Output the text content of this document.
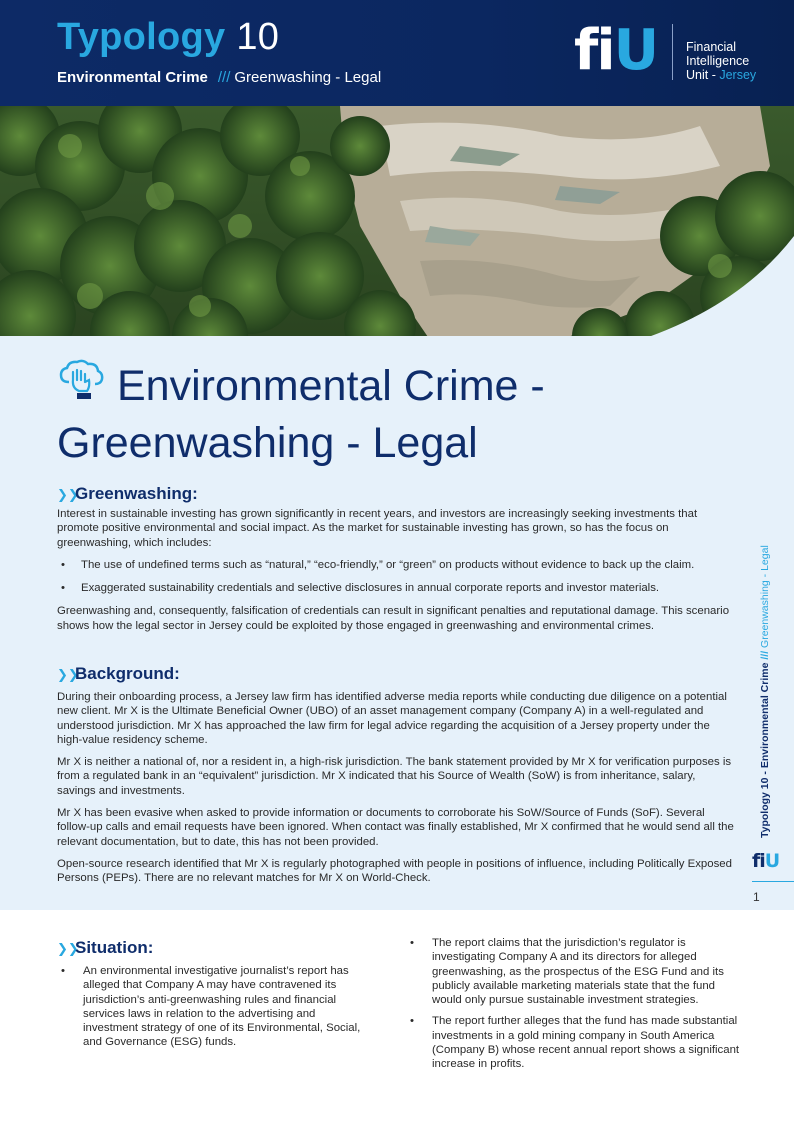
Typology 10
Environmental Crime /// Greenwashing - Legal	fiU Financial
Intelligence
Unit - Jersey
Environmental Crime -
Greenwashing - Legal
❯❯Greenwashing:

Interest in sustainable investing has grown significantly in recent years, and investors are increasingly seeking investments that promote positive environmental and social impact. As the market for sustainable investing has grown, so has the focus on greenwashing, which includes:

• The use of undefined terms such as “natural,” “eco-friendly,” or “green” on products without evidence to back up the claim.
• Exaggerated sustainability credentials and selective disclosures in annual corporate reports and investor materials.

Greenwashing and, consequently, falsification of credentials can result in significant penalties and reputational damage. This scenario shows how the legal sector in Jersey could be exploited by those engaged in greenwashing and environmental crimes.

❯❯Background:

During their onboarding process, a Jersey law firm has identified adverse media reports while conducting due diligence on a potential new client. Mr X is the Ultimate Beneficial Owner (UBO) of an asset management company (Company A) in a well-regulated and understood jurisdiction. Mr X has approached the law firm for legal advice regarding the acquisition of a Jersey property under the high-value residency scheme.

Mr X is neither a national of, nor a resident in, a high-risk jurisdiction. The bank statement provided by Mr X for verification purposes is from a regulated bank in an “equivalent” jurisdiction. Mr X indicated that his Source of Wealth (SoW) is from inheritance, salary, savings and investments.

Mr X has been evasive when asked to provide information or documents to corroborate his SoW/Source of Funds (SoF). Several follow-up calls and email requests have been ignored. When contact was finally established, Mr X confirmed that he would send all the relevant documentation, but to date, this has not been provided.

Open-source research identified that Mr X is regularly photographed with people in positions of influence, including Politically Exposed Persons (PEPs). There are no relevant matches for Mr X on World-Check.

Typology 10 - Environmental Crime /// Greenwashing - Legal
fiU
1
❯❯Situation:
• An environmental investigative journalist’s report has alleged that Company A may have contravened its jurisdiction’s anti-greenwashing rules and financial services laws in relation to the advertising and investment strategy of one of its Environmental, Social, and Governance (ESG) funds.
• The report claims that the jurisdiction’s regulator is investigating Company A and its directors for alleged greenwashing, as the prospectus of the ESG Fund and its publicly available marketing materials state that the fund would only pursue sustainable investment strategies.
• The report further alleges that the fund has made substantial investments in a gold mining company in South America (Company B) whose recent annual report shows a significant increase in profits.
